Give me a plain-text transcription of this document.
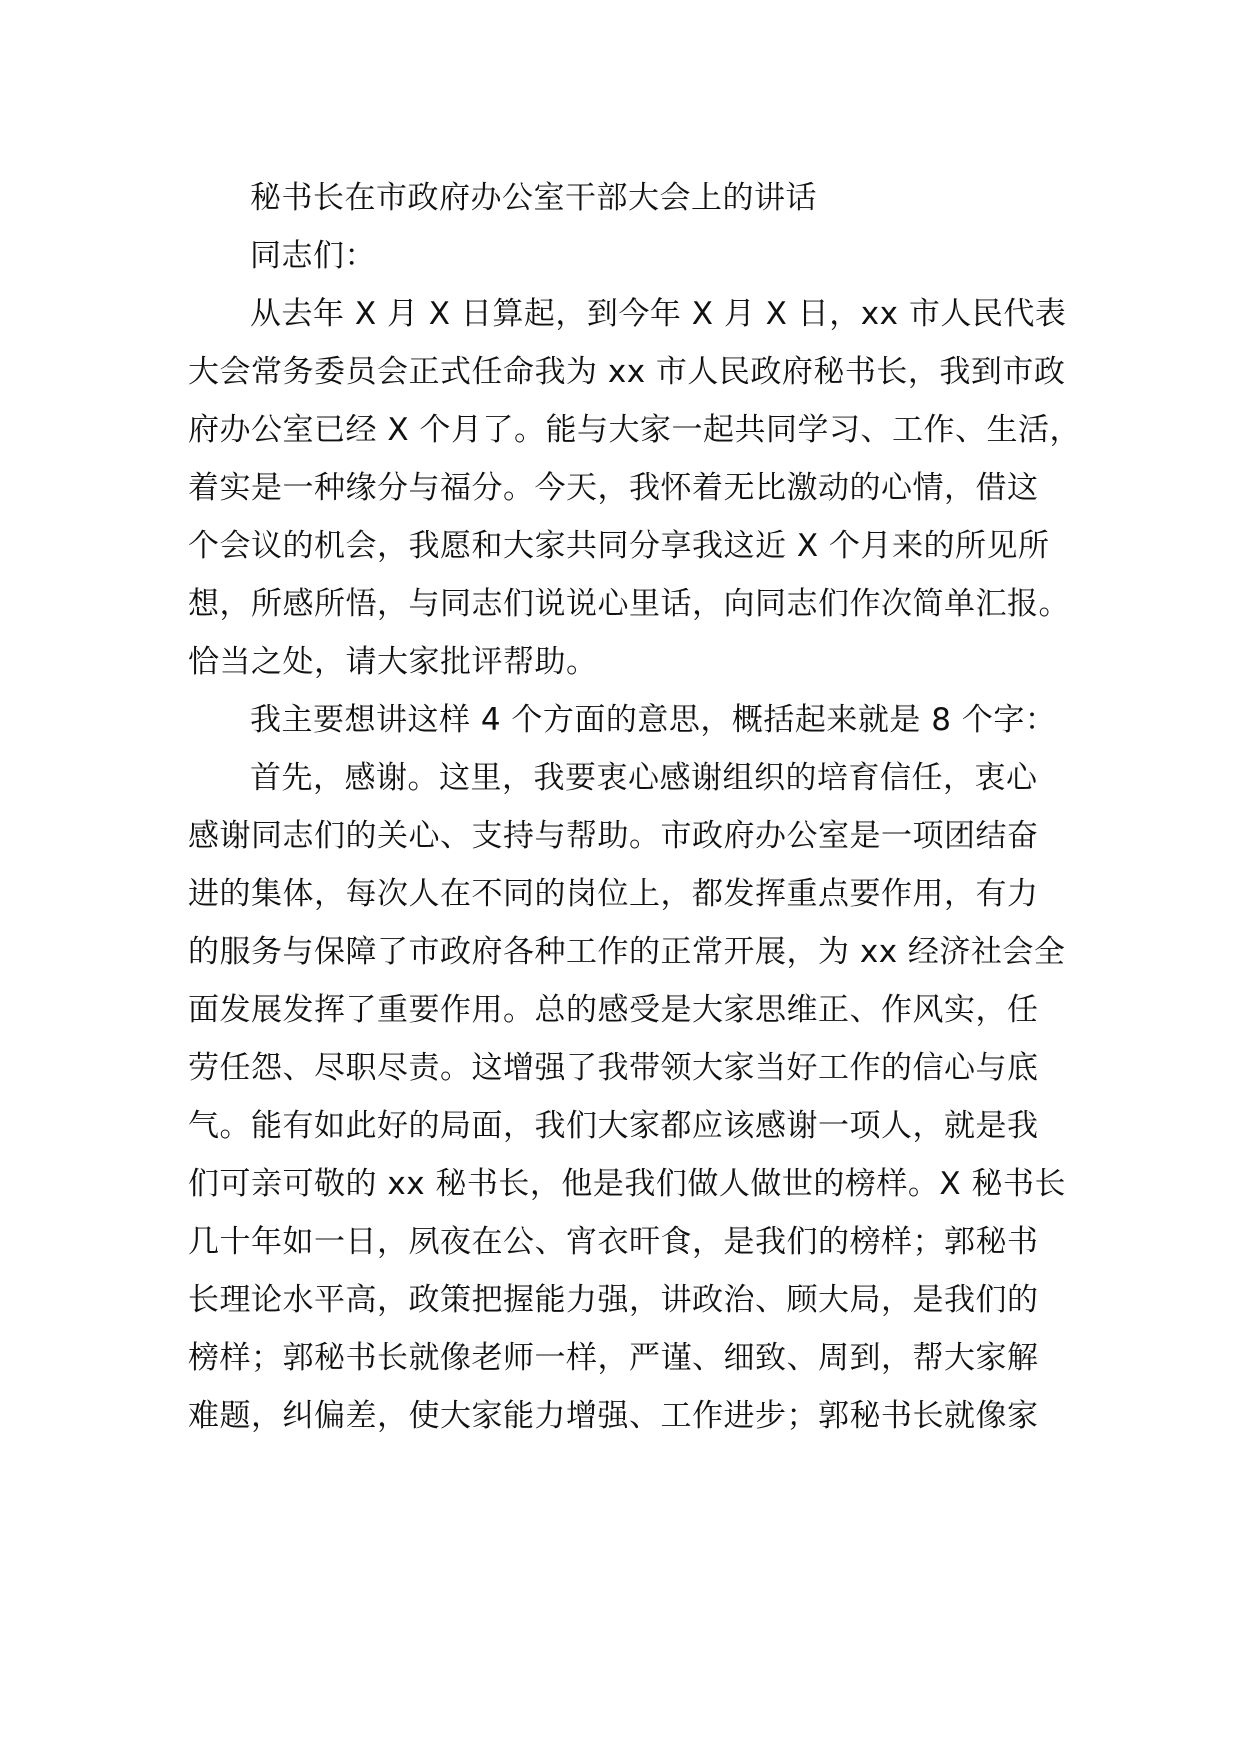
秘书长在市政府办公室干部大会上的讲话
同志们：
从去年 X 月 X 日算起，到今年 X 月 X 日，xx 市人民代表
大会常务委员会正式任命我为 xx 市人民政府秘书长，我到市政
府办公室已经 X 个月了。能与大家一起共同学习、工作、生活，
着实是一种缘分与福分。今天，我怀着无比激动的心情，借这
个会议的机会，我愿和大家共同分享我这近 X 个月来的所见所
想，所感所悟，与同志们说说心里话，向同志们作次简单汇报。
恰当之处，请大家批评帮助。
我主要想讲这样 4 个方面的意思，概括起来就是 8 个字：
首先，感谢。这里，我要衷心感谢组织的培育信任，衷心
感谢同志们的关心、支持与帮助。市政府办公室是一项团结奋
进的集体，每次人在不同的岗位上，都发挥重点要作用，有力
的服务与保障了市政府各种工作的正常开展，为 xx 经济社会全
面发展发挥了重要作用。总的感受是大家思维正、作风实，任
劳任怨、尽职尽责。这增强了我带领大家当好工作的信心与底
气。能有如此好的局面，我们大家都应该感谢一项人，就是我
们可亲可敬的 xx 秘书长，他是我们做人做世的榜样。X 秘书长
几十年如一日，夙夜在公、宵衣旰食，是我们的榜样；郭秘书
长理论水平高，政策把握能力强，讲政治、顾大局，是我们的
榜样；郭秘书长就像老师一样，严谨、细致、周到，帮大家解
难题，纠偏差，使大家能力增强、工作进步；郭秘书长就像家
